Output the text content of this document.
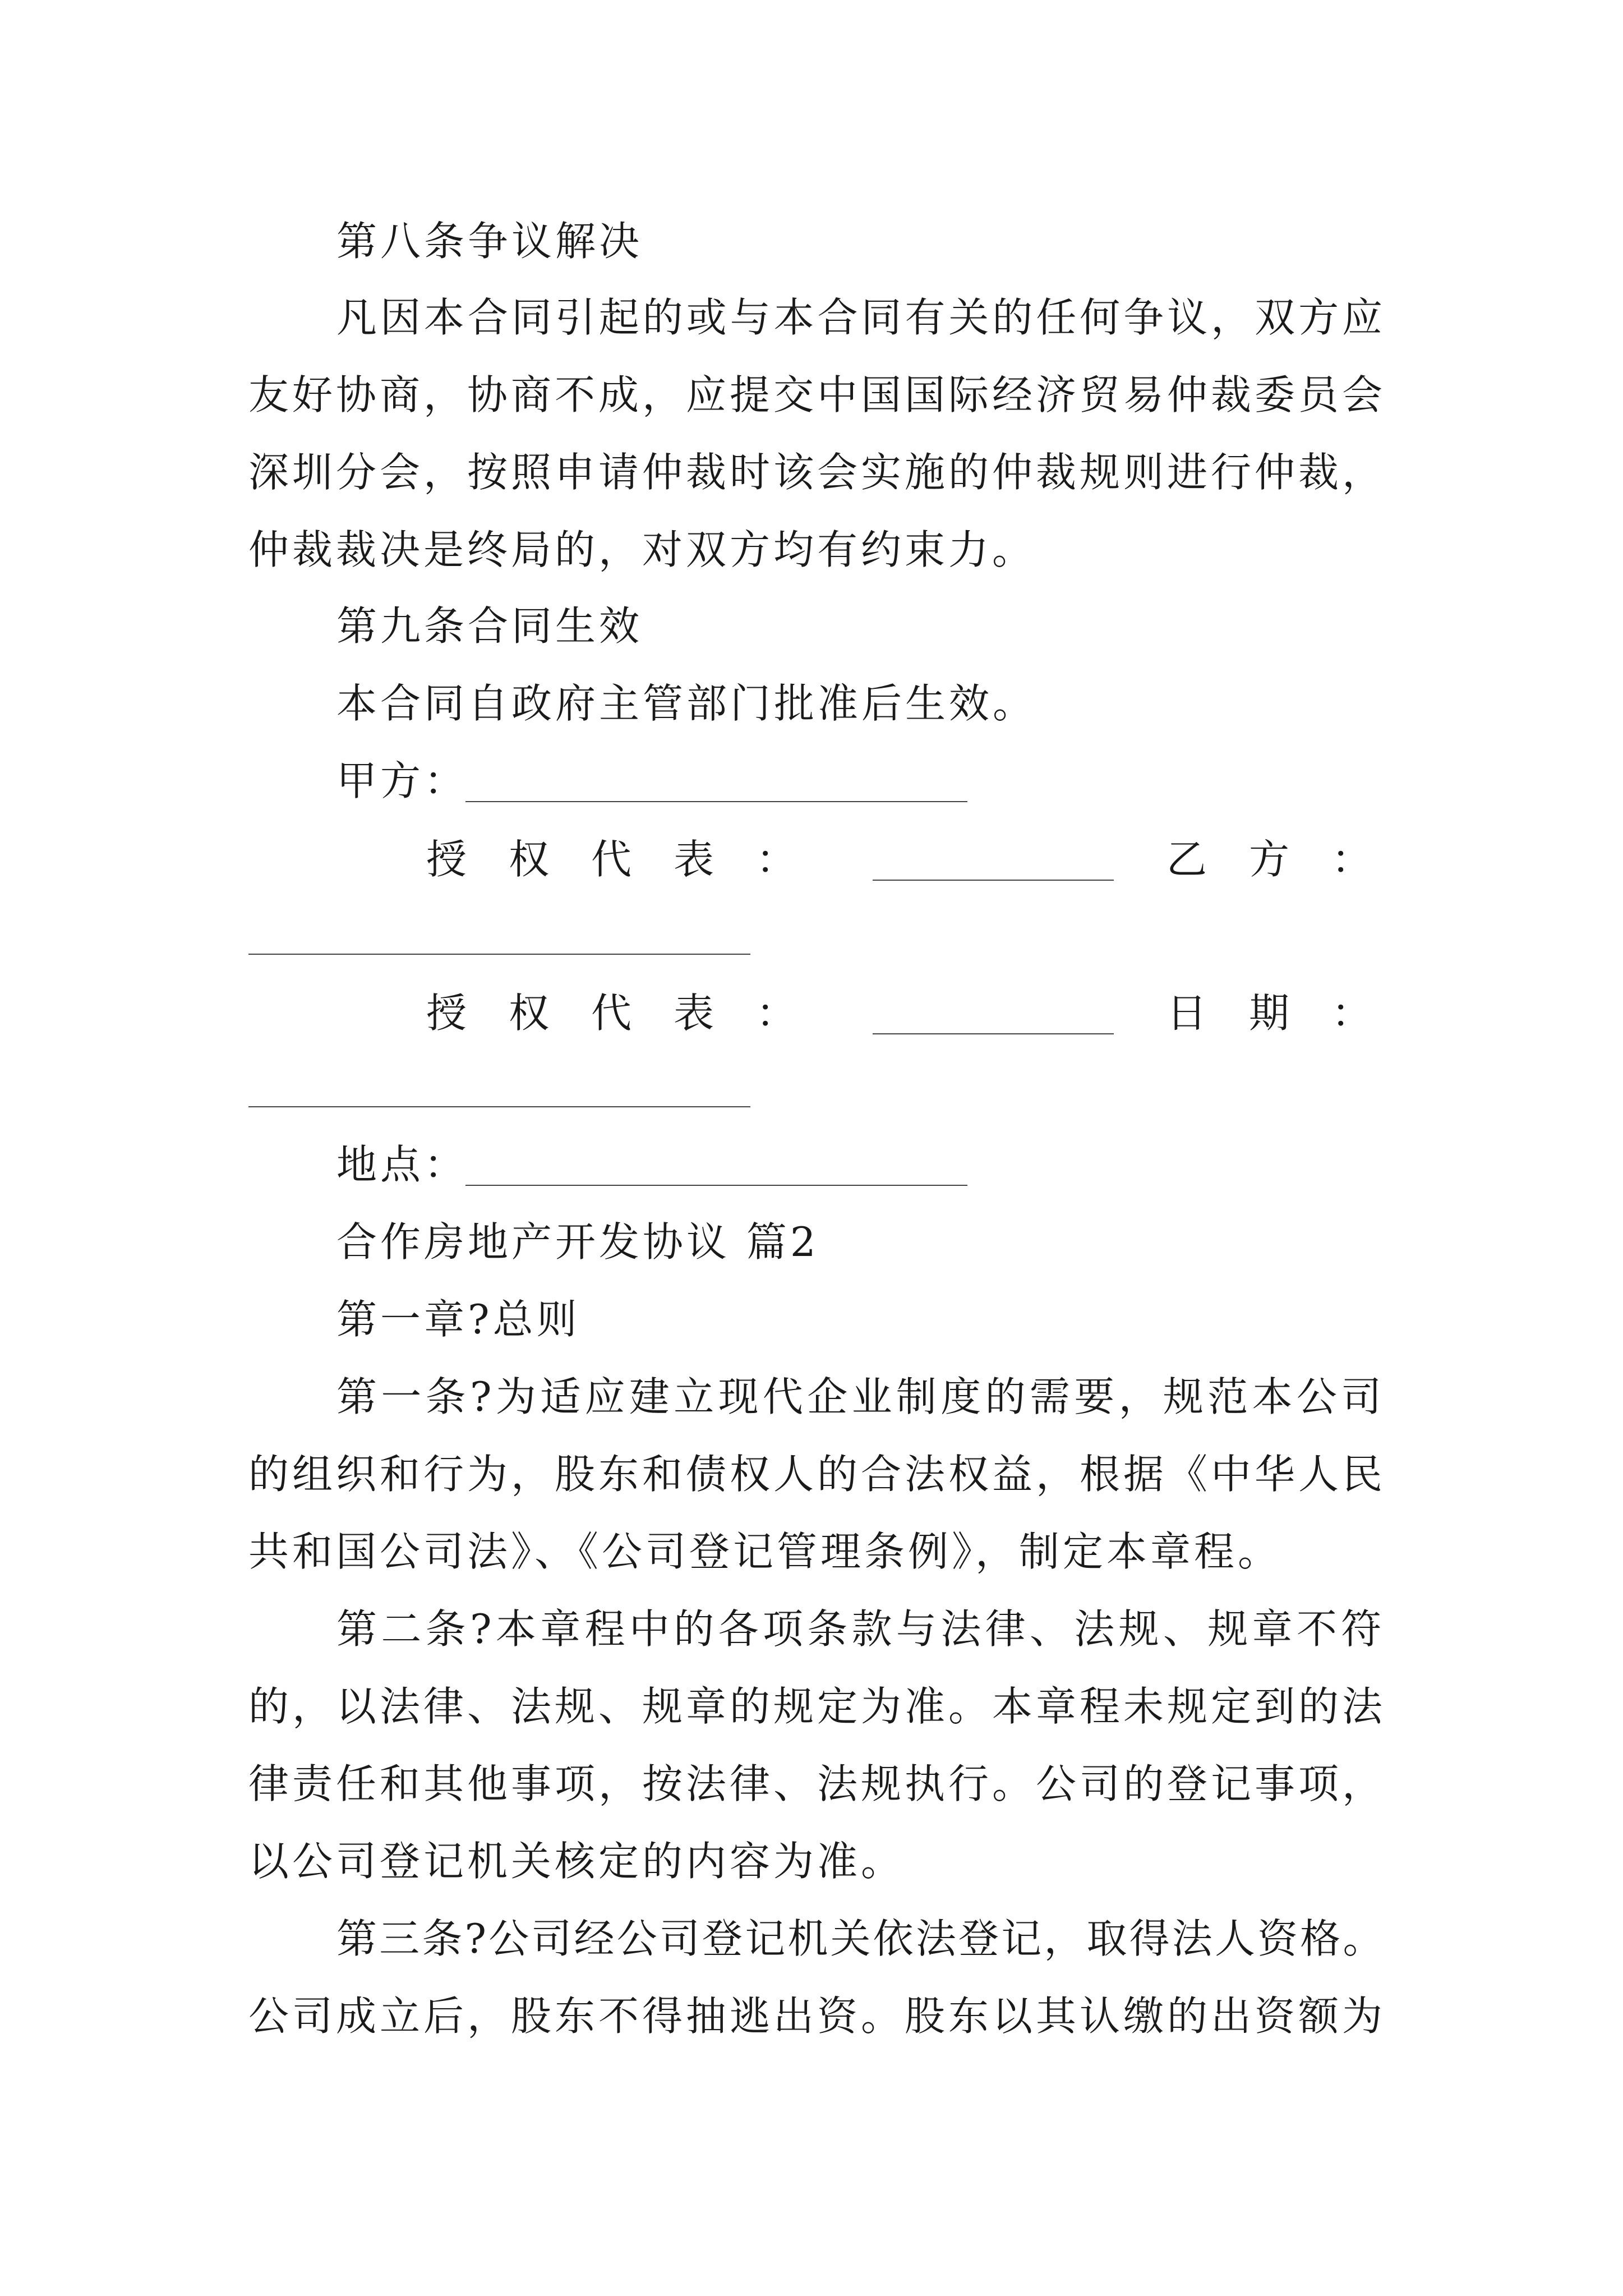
第八条争议解决
凡因本合同引起的或与本合同有关的任何争议，双方应
友好协商，协商不成，应提交中国国际经济贸易仲裁委员会
深圳分会，按照申请仲裁时该会实施的仲裁规则进行仲裁，
仲裁裁决是终局的，对双方均有约束力。
第九条合同生效
本合同自政府主管部门批准后生效。
甲方：
授 权 代 表 ：	乙 方 ：
授 权 代 表 ：	日 期 ：
地点：
合作房地产开发协议 篇2
第一章?总则
第一条?为适应建立现代企业制度的需要，规范本公司
的组织和行为，股东和债权人的合法权益，根据《中华人民
共和国公司法》、《公司登记管理条例》，制定本章程。
第二条?本章程中的各项条款与法律、法规、规章不符
的，以法律、法规、规章的规定为准。本章程未规定到的法
律责任和其他事项，按法律、法规执行。公司的登记事项，
以公司登记机关核定的内容为准。
第三条?公司经公司登记机关依法登记，取得法人资格。
公司成立后，股东不得抽逃出资。股东以其认缴的出资额为
